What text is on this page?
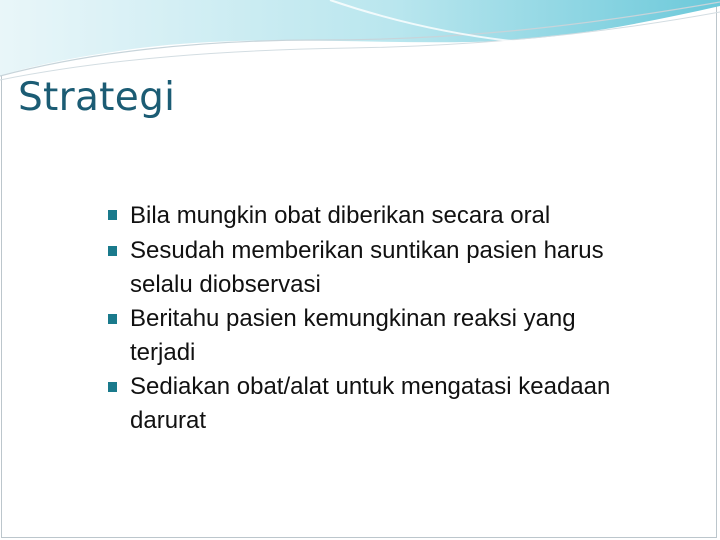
Strategi
Bila mungkin obat diberikan secara oral
Sesudah memberikan suntikan pasien harus selalu diobservasi
Beritahu pasien kemungkinan reaksi yang terjadi
Sediakan obat/alat untuk mengatasi keadaan darurat
